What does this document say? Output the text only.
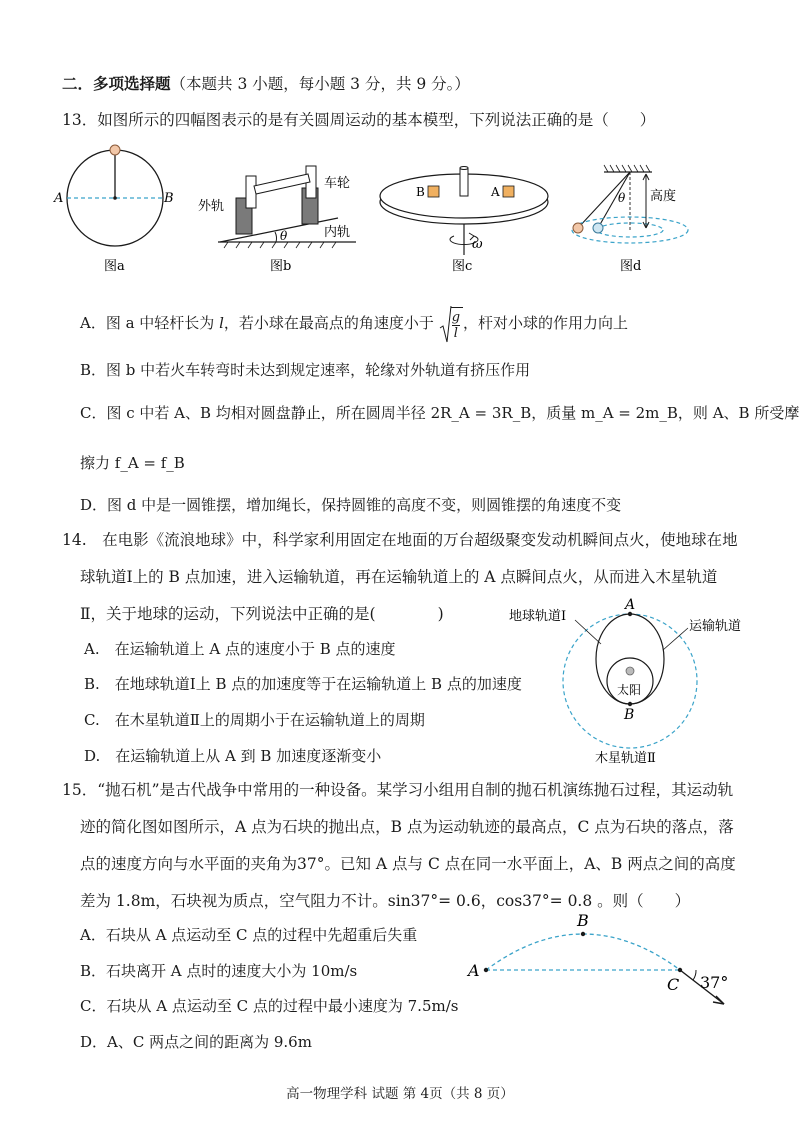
二．多项选择题（本题共 3 小题，每小题 3 分，共 9 分。）
13．如图所示的四幅图表示的是有关圆周运动的基本模型，下列说法正确的是（　　）
A	B
图a
θ
外轨
车轮
内轨
图b
B	A
ω
图c
θ 高度
图d
A．图 a 中轻杆长为 l，若小球在最高点的角速度小于 $\frac{g}{l}$ ，杆对小球的作用力向上
B．图 b 中若火车转弯时未达到规定速率，轮缘对外轨道有挤压作用
C．图 c 中若 A、B 均相对圆盘静止，所在圆周半径 2R_A = 3R_B，质量 m_A = 2m_B，则 A、B 所受摩
擦力 f_A = f_B
D．图 d 中是一圆锥摆，增加绳长，保持圆锥的高度不变，则圆锥摆的角速度不变
14.　在电影《流浪地球》中，科学家利用固定在地面的万台超级聚变发动机瞬间点火，使地球在地
球轨道Ⅰ上的 B 点加速，进入运输轨道，再在运输轨道上的 A 点瞬间点火，从而进入木星轨道
Ⅱ，关于地球的运动，下列说法中正确的是(　　　　)
A.　在运输轨道上 A 点的速度小于 B 点的速度
B.　在地球轨道Ⅰ上 B 点的加速度等于在运输轨道上 B 点的加速度
C.　在木星轨道Ⅱ上的周期小于在运输轨道上的周期
D.　在运输轨道上从 A 到 B 加速度逐渐变小
地球轨道Ⅰ
运输轨道
A
太阳
B
木星轨道Ⅱ
15．“抛石机”是古代战争中常用的一种设备。某学习小组用自制的抛石机演练抛石过程，其运动轨
迹的简化图如图所示，A 点为石块的抛出点，B 点为运动轨迹的最高点，C 点为石块的落点，落
点的速度方向与水平面的夹角为37°。已知 A 点与 C 点在同一水平面上，A、B 两点之间的高度
差为 1.8m，石块视为质点，空气阻力不计。sin37°= 0.6，cos37°= 0.8 。则（　　）
A．石块从 A 点运动至 C 点的过程中先超重后失重
B．石块离开 A 点时的速度大小为 10m/s
C．石块从 A 点运动至 C 点的过程中最小速度为 7.5m/s
D．A、C 两点之间的距离为 9.6m
A
B
C 37°
高一物理学科 试题 第 4页（共 8 页）
